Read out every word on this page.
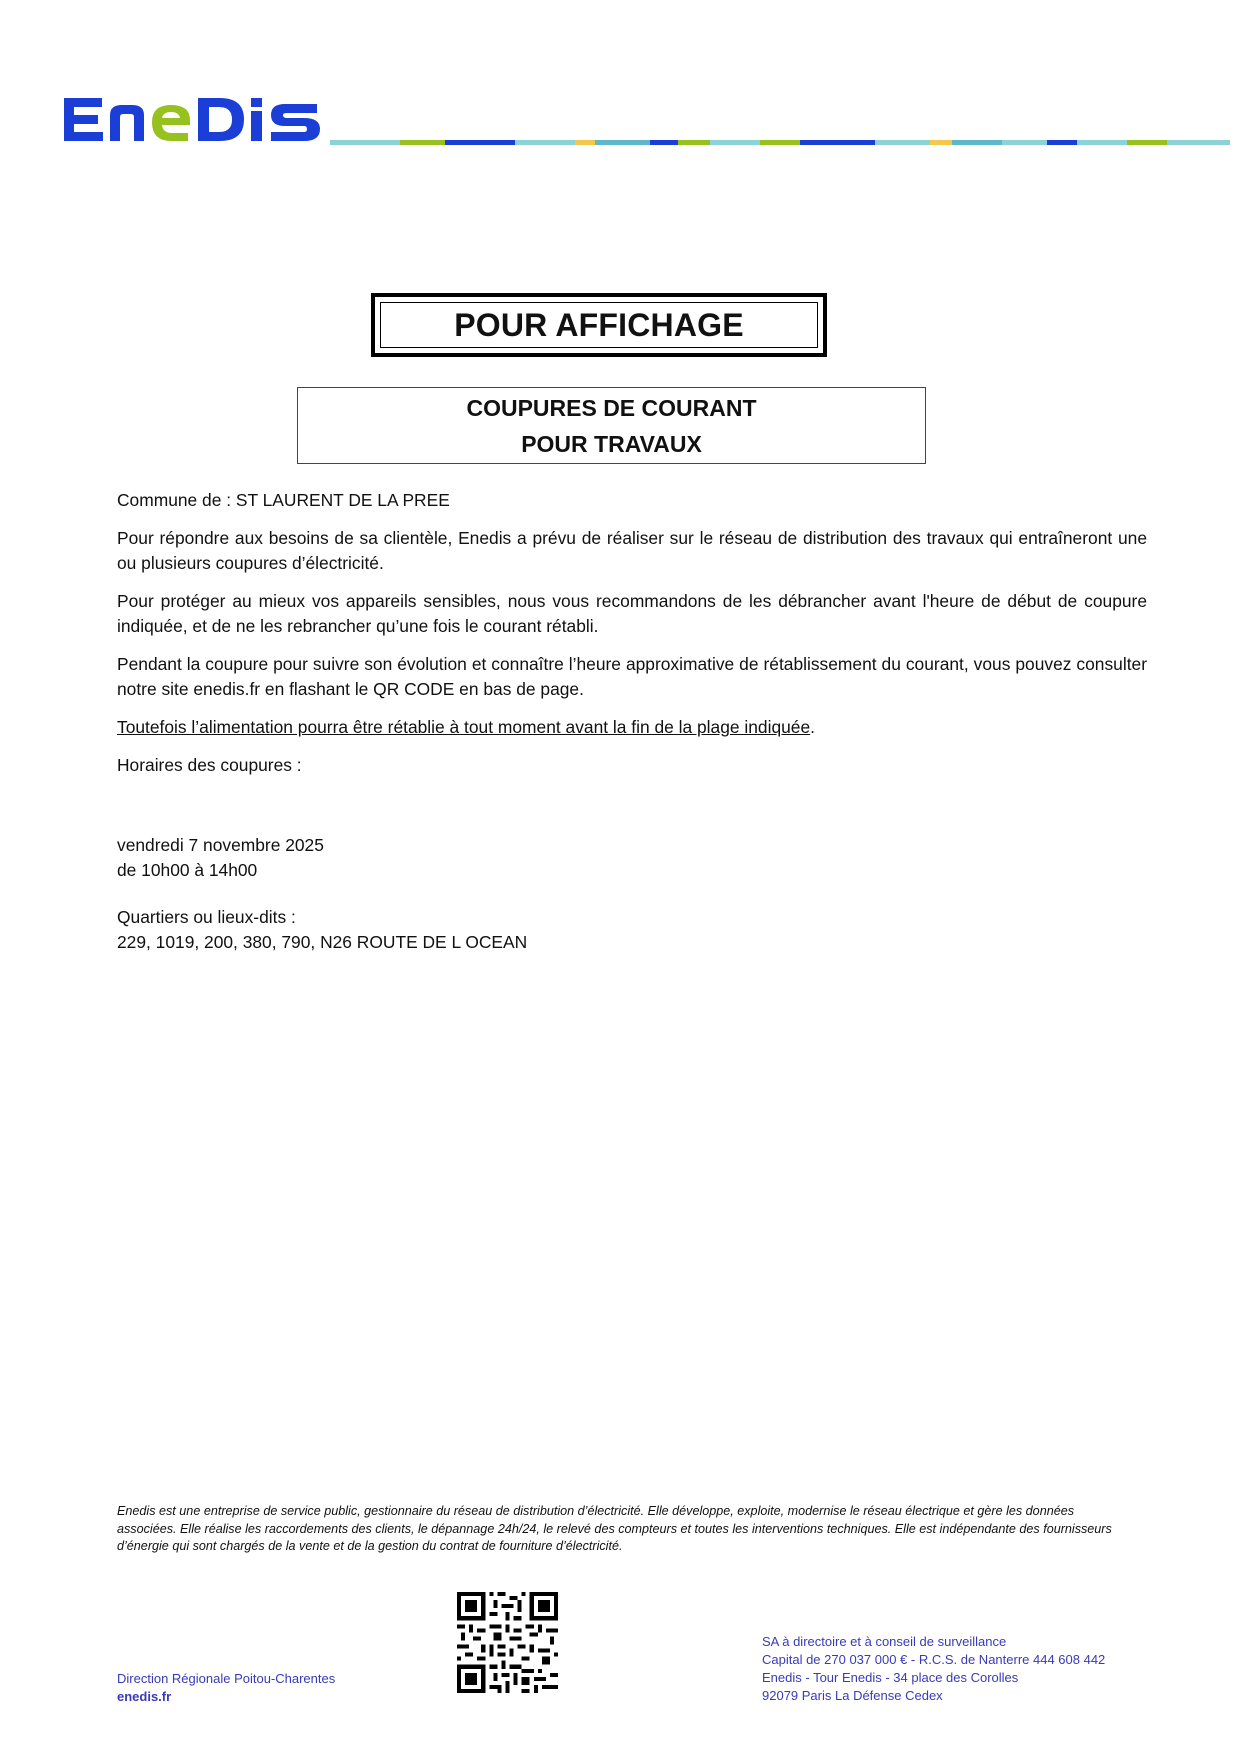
POUR AFFICHAGE
COUPURES DE COURANT
POUR TRAVAUX

Commune de : ST LAURENT DE LA PREE

Pour répondre aux besoins de sa clientèle, Enedis a prévu de réaliser sur le réseau de distribution des travaux qui entraîneront une ou plusieurs coupures d’électricité.

Pour protéger au mieux vos appareils sensibles, nous vous recommandons de les débrancher avant l'heure de début de coupure indiquée, et de ne les rebrancher qu’une fois le courant rétabli.

Pendant la coupure pour suivre son évolution et connaître l’heure approximative de rétablissement du courant, vous pouvez consulter notre site enedis.fr en flashant le QR CODE en bas de page.

Toutefois l’alimentation pourra être rétablie à tout moment avant la fin de la plage indiquée.

Horaires des coupures :

vendredi 7 novembre 2025
de 10h00 à 14h00
Quartiers ou lieux-dits :
229, 1019, 200, 380, 790, N26 ROUTE DE L OCEAN
Enedis est une entreprise de service public, gestionnaire du réseau de distribution d’électricité. Elle développe, exploite, modernise le réseau électrique et gère les données associées. Elle réalise les raccordements des clients, le dépannage 24h/24, le relevé des compteurs et toutes les interventions techniques. Elle est indépendante des fournisseurs d’énergie qui sont chargés de la vente et de la gestion du contrat de fourniture d’électricité.
Direction Régionale Poitou-Charentes
enedis.fr
SA à directoire et à conseil de surveillance
Capital de 270 037 000 € - R.C.S. de Nanterre 444 608 442
Enedis - Tour Enedis - 34 place des Corolles
92079 Paris La Défense Cedex
